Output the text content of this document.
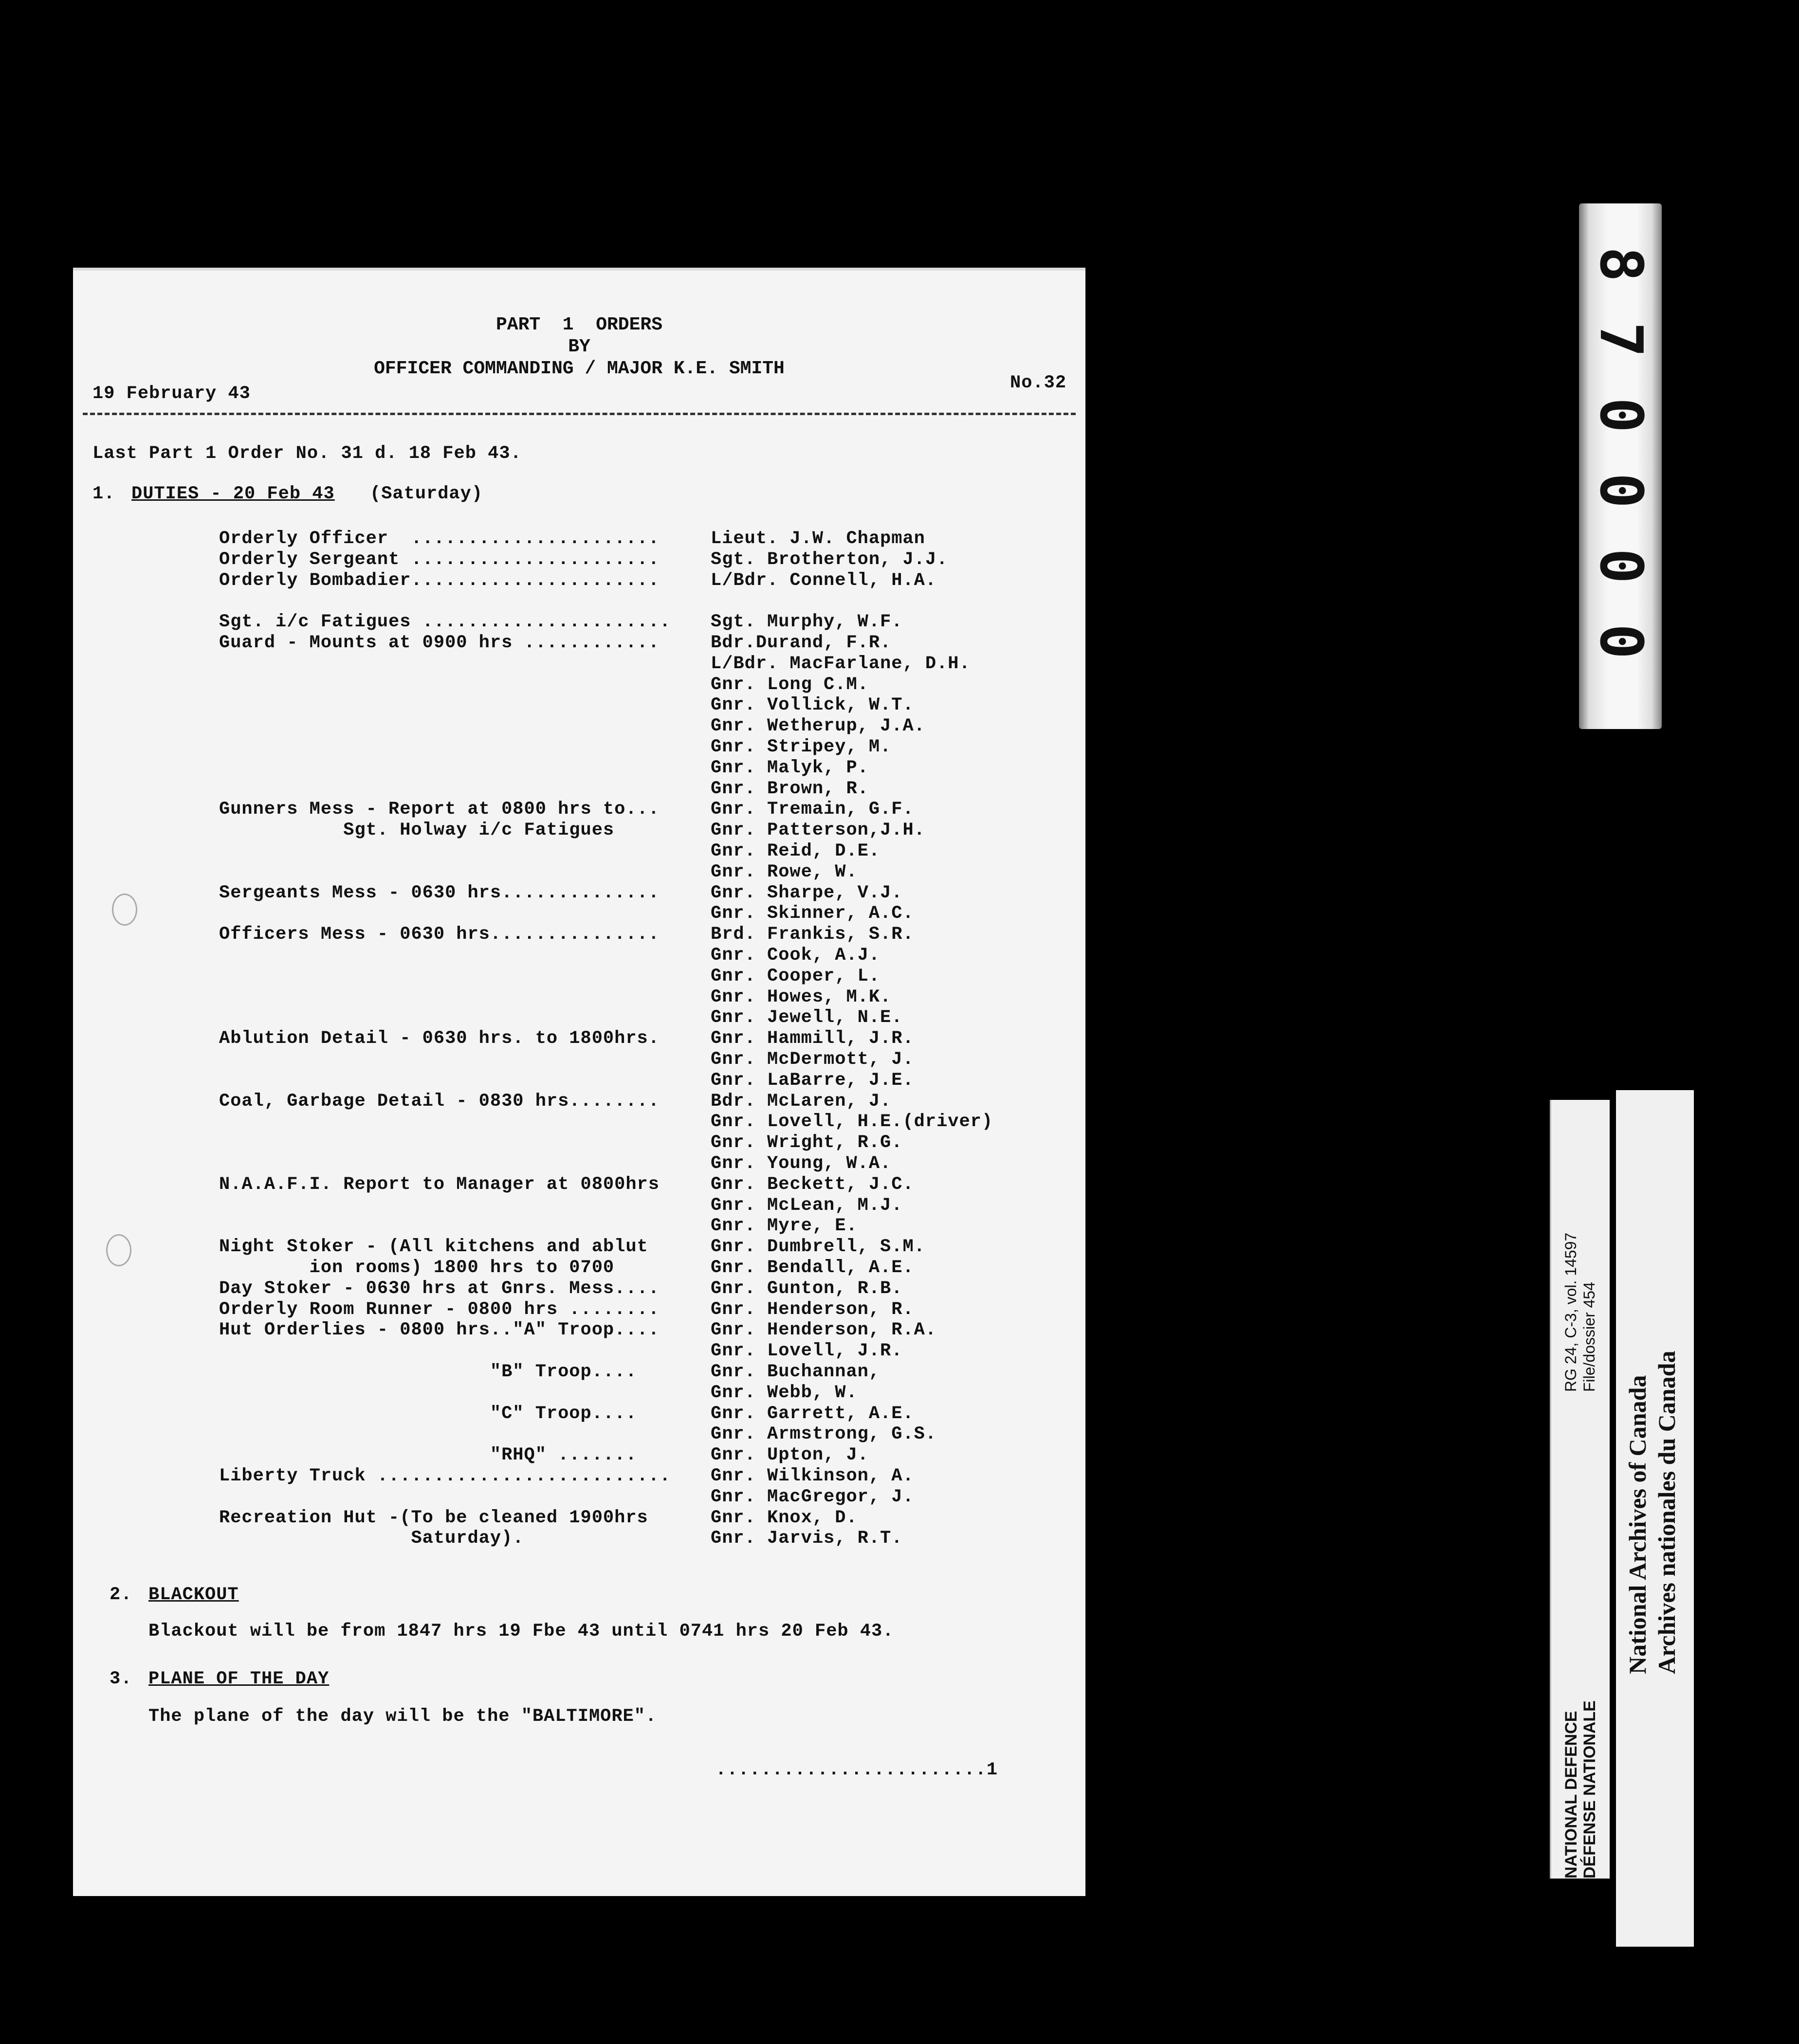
PART  1  ORDERS
BY
OFFICER COMMANDING / MAJOR K.E. SMITH
19 February 43
No.32
Last Part 1 Order No. 31 d. 18 Feb 43.
1. DUTIES - 20 Feb 43 (Saturday)
Orderly Officer  ......................	Lieut. J.W. Chapman
Orderly Sergeant ......................	Sgt. Brotherton, J.J.
Orderly Bombadier......................	L/Bdr. Connell, H.A.
Sgt. i/c Fatigues ...................... Sgt. Murphy, W.F.
Guard - Mounts at 0900 hrs ............	Bdr.Durand, F.R.
L/Bdr. MacFarlane, D.H.
Gnr. Long C.M.
Gnr. Vollick, W.T.
Gnr. Wetherup, J.A.
Gnr. Stripey, M.
Gnr. Malyk, P.
Gnr. Brown, R.
Gunners Mess - Report at 0800 hrs to...	Gnr. Tremain, G.F.
Sgt. Holway i/c Fatigues	Gnr. Patterson,J.H.
Gnr. Reid, D.E.
Gnr. Rowe, W.
Sergeants Mess - 0630 hrs..............	Gnr. Sharpe, V.J.
Gnr. Skinner, A.C.
Officers Mess - 0630 hrs...............	Brd. Frankis, S.R.
Gnr. Cook, A.J.
Gnr. Cooper, L.
Gnr. Howes, M.K.
Gnr. Jewell, N.E.
Ablution Detail - 0630 hrs. to 1800hrs.	Gnr. Hammill, J.R.
Gnr. McDermott, J.
Gnr. LaBarre, J.E.
Coal, Garbage Detail - 0830 hrs........	Bdr. McLaren, J.
Gnr. Lovell, H.E.(driver)
Gnr. Wright, R.G.
Gnr. Young, W.A.
N.A.A.F.I. Report to Manager at 0800hrs	Gnr. Beckett, J.C.
Gnr. McLean, M.J.
Gnr. Myre, E.
Night Stoker - (All kitchens and ablut	Gnr. Dumbrell, S.M.
ion rooms) 1800 hrs to 0700	Gnr. Bendall, A.E.
Day Stoker - 0630 hrs at Gnrs. Mess....	Gnr. Gunton, R.B.
Orderly Room Runner - 0800 hrs ........	Gnr. Henderson, R.
Hut Orderlies - 0800 hrs.."A" Troop....	Gnr. Henderson, R.A.
Gnr. Lovell, J.R.
"B" Troop....	Gnr. Buchannan,
Gnr. Webb, W.
"C" Troop....	Gnr. Garrett, A.E.
Gnr. Armstrong, G.S.
"RHQ" .......	Gnr. Upton, J.
Liberty Truck .......................... Gnr. Wilkinson, A.
Gnr. MacGregor, J.
Recreation Hut -(To be cleaned 1900hrs	Gnr. Knox, D.
Saturday).	Gnr. Jarvis, R.T.
2. BLACKOUT
Blackout will be from 1847 hrs 19 Fbe 43 until 0741 hrs 20 Feb 43.
3. PLANE OF THE DAY
The plane of the day will be the "BALTIMORE".
........................1
8
7
0
0
0
0
NATIONAL DEFENCE DÉFENSE NATIONALE
RG 24, C-3, vol. 14597 File/dossier 454
National Archives of Canada Archives nationales du Canada
